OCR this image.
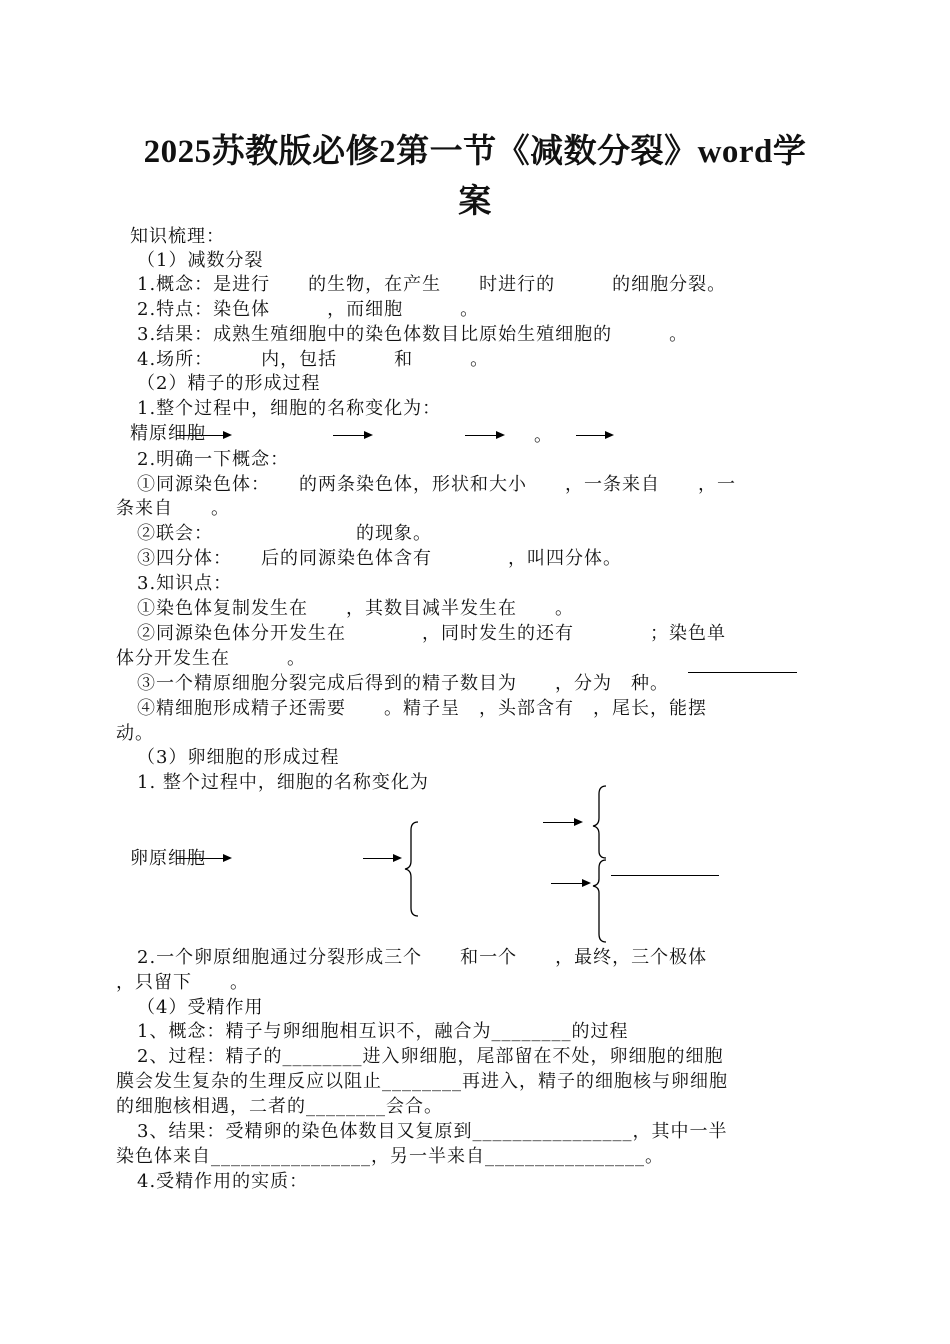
2025苏教版必修2第一节《减数分裂》word学
案
知识梳理：
（1）减数分裂
1.概念：是进行　　的生物，在产生　　时进行的　　　的细胞分裂。
2.特点：染色体　　　，而细胞　　　。
3.结果：成熟生殖细胞中的染色体数目比原始生殖细胞的　　　。
4.场所：　　　内，包括　　　和　　　。
（2）精子的形成过程
1.整个过程中，细胞的名称变化为：
精原细胞	。
2.明确一下概念：
①同源染色体：　　的两条染色体，形状和大小　　，一条来自　　，一
条来自　　。
②联会：　　　　　　　　的现象。
③四分体：　　后的同源染色体含有　　　　，叫四分体。
3.知识点：
①染色体复制发生在　　，其数目减半发生在　　。
②同源染色体分开发生在　　　　，同时发生的还有　　　　；染色单
体分开发生在　　　。
③一个精原细胞分裂完成后得到的精子数目为　　，分为　种。
④精细胞形成精子还需要　　。精子呈　，头部含有　，尾长，能摆
动。
（3）卵细胞的形成过程
1. 整个过程中，细胞的名称变化为
卵原细胞
2.一个卵原细胞通过分裂形成三个　　和一个　　，最终，三个极体
，只留下　　。
（4）受精作用
1、概念：精子与卵细胞相互识不，融合为________的过程
2、过程：精子的________进入卵细胞，尾部留在不处，卵细胞的细胞
膜会发生复杂的生理反应以阻止________再进入，精子的细胞核与卵细胞
的细胞核相遇，二者的________会合。
3、结果：受精卵的染色体数目又复原到________________，其中一半
染色体来自________________，另一半来自________________。
4.受精作用的实质：
